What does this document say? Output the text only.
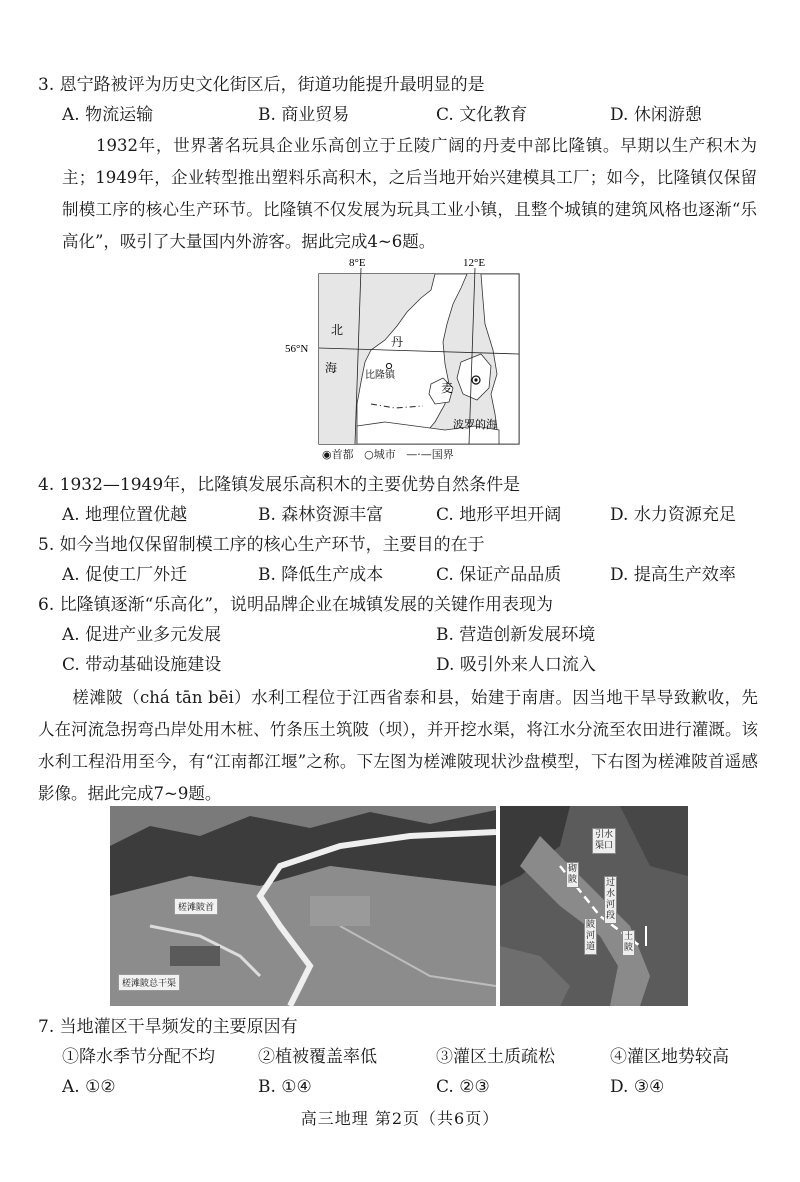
3. 恩宁路被评为历史文化街区后，街道功能提升最明显的是
A. 物流运输	B. 商业贸易	C. 文化教育	D. 休闲游憩
1932年，世界著名玩具企业乐高创立于丘陵广阔的丹麦中部比隆镇。早期以生产积木为主；1949年，企业转型推出塑料乐高积木，之后当地开始兴建模具工厂；如今，比隆镇仅保留制模工序的核心生产环节。比隆镇不仅发展为玩具工业小镇，且整个城镇的建筑风格也逐渐“乐高化”，吸引了大量国内外游客。据此完成4~6题。
8°E	12°E
56°N
北
海
丹
麦
比隆镇
波罗的海
◉首都 ○城市 —·—国界
4. 1932—1949年，比隆镇发展乐高积木的主要优势自然条件是
A. 地理位置优越	B. 森林资源丰富	C. 地形平坦开阔	D. 水力资源充足
5. 如今当地仅保留制模工序的核心生产环节，主要目的在于
A. 促使工厂外迁	B. 降低生产成本	C. 保证产品品质	D. 提高生产效率
6. 比隆镇逐渐“乐高化”，说明品牌企业在城镇发展的关键作用表现为
A. 促进产业多元发展	B. 营造创新发展环境
C. 带动基础设施建设	D. 吸引外来人口流入
槎滩陂（chá tān bēi）水利工程位于江西省泰和县，始建于南唐。因当地干旱导致歉收，先人在河流急拐弯凸岸处用木桩、竹条压土筑陂（坝），并开挖水渠，将江水分流至农田进行灌溉。该水利工程沿用至今，有“江南都江堰”之称。下左图为槎滩陂现状沙盘模型，下右图为槎滩陂首遥感影像。据此完成7~9题。
槎滩陂首
槎滩陂总干渠
引水
渠口
砌
陂	过
水
河
段
陂
河
道
土
陂
7. 当地灌区干旱频发的主要原因有
①降水季节分配不均	②植被覆盖率低	③灌区土质疏松	④灌区地势较高
A. ①②	B. ①④	C. ②③	D. ③④
高三地理 第2页（共6页）
